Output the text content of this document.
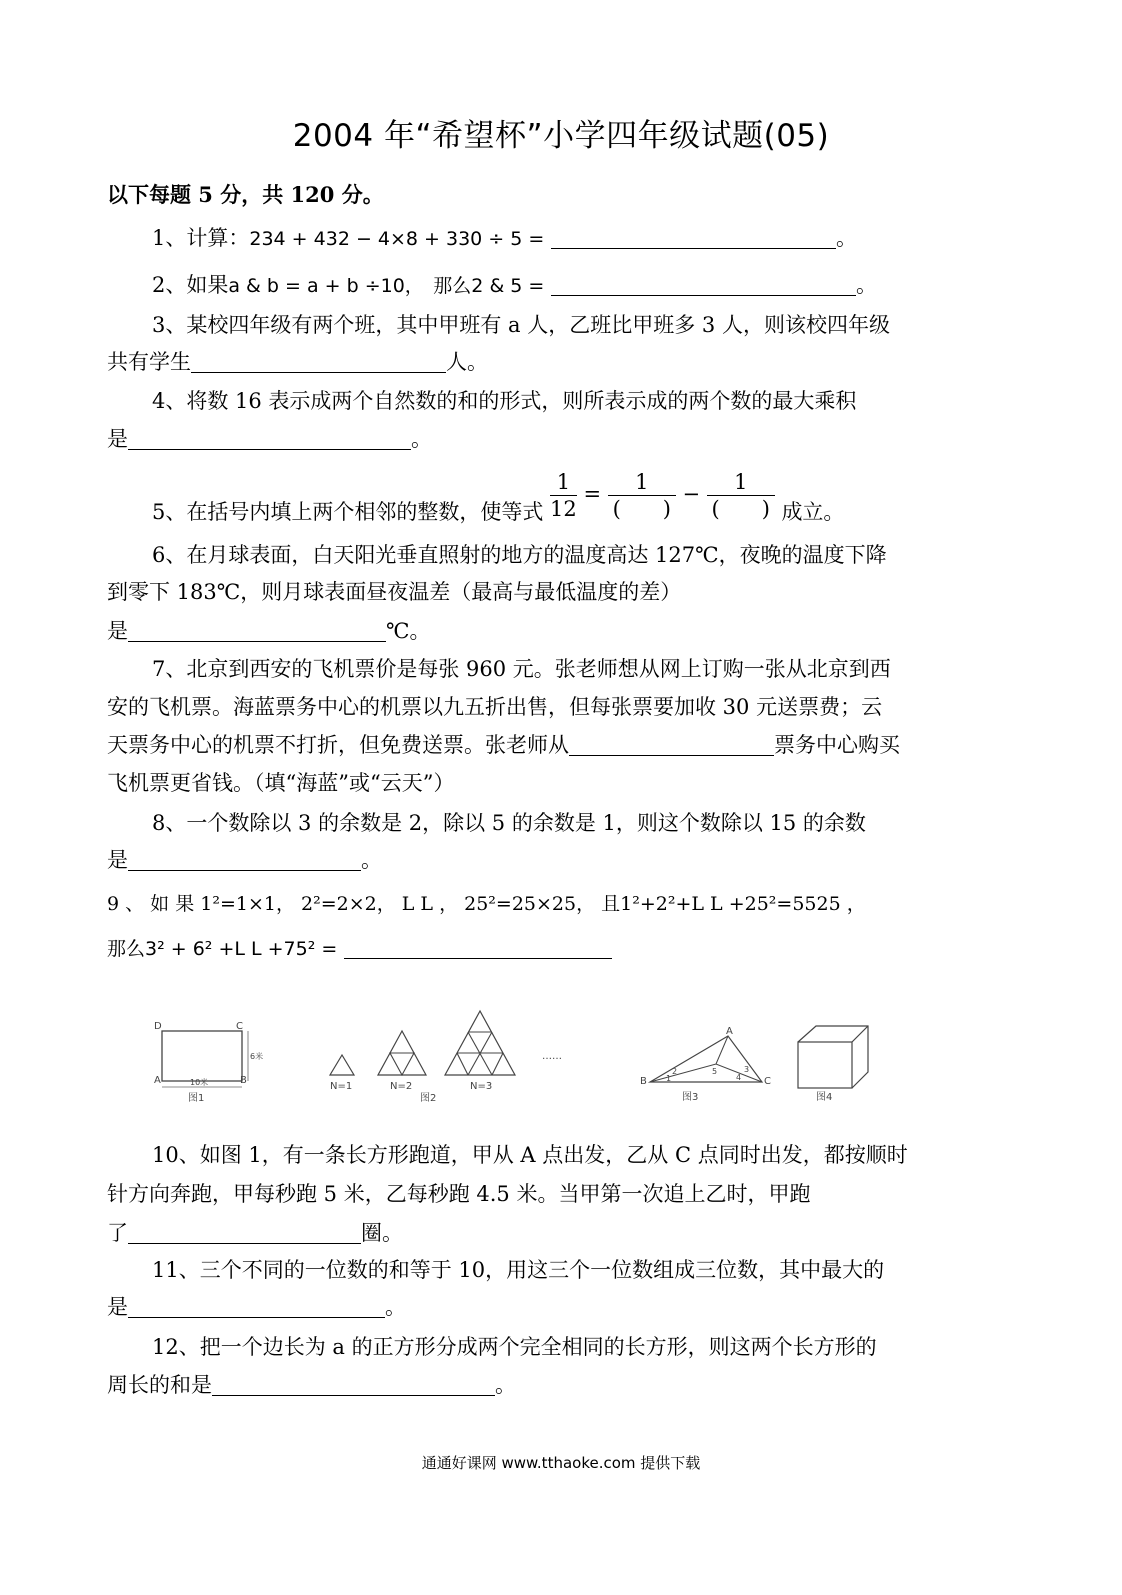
2004 年“希望杯”小学四年级试题(05)
以下每题 5 分，共 120 分。
1、计算：234 + 432 − 4×8 + 330 ÷ 5 =	。
2、如果a & b = a + b ÷10，　那么2 & 5 =	。
3、某校四年级有两个班，其中甲班有 a 人，乙班比甲班多 3 人，则该校四年级
共有学生	人。
4、将数 16 表示成两个自然数的和的形式，则所表示成的两个数的最大乘积
是	。
5、在括号内填上两个相邻的整数，使等式 $\frac{1}{12} = \frac{1}{( )} - \frac{1}{( )}$ 成立。
6、在月球表面，白天阳光垂直照射的地方的温度高达 127℃，夜晚的温度下降
到零下 183℃，则月球表面昼夜温差（最高与最低温度的差）
是	℃。
7、北京到西安的飞机票价是每张 960 元。张老师想从网上订购一张从北京到西
安的飞机票。海蓝票务中心的机票以九五折出售，但每张票要加收 30 元送票费；云
天票务中心的机票不打折，但免费送票。张老师从	票务中心购买
飞机票更省钱。（填“海蓝”或“云天”）
8、一个数除以 3 的余数是 2，除以 5 的余数是 1，则这个数除以 15 的余数
是	。
9 、 如 果 1²=1×1， 2²=2×2， L L ， 25²=25×25， 且1²+2²+L L +25²=5525 ，
那么3² + 6² +L L +75² =
D	C
A	B
6米
10米
图1
……
N=1	N=2	N=3
图2
A
B	C
1
2	3
4
5
图3	图4
10、如图 1，有一条长方形跑道，甲从 A 点出发，乙从 C 点同时出发，都按顺时
针方向奔跑，甲每秒跑 5 米，乙每秒跑 4.5 米。当甲第一次追上乙时，甲跑
了	圈。
11、三个不同的一位数的和等于 10，用这三个一位数组成三位数，其中最大的
是	。
12、把一个边长为 a 的正方形分成两个完全相同的长方形，则这两个长方形的
周长的和是	。
通通好课网 www.tthaoke.com 提供下载
